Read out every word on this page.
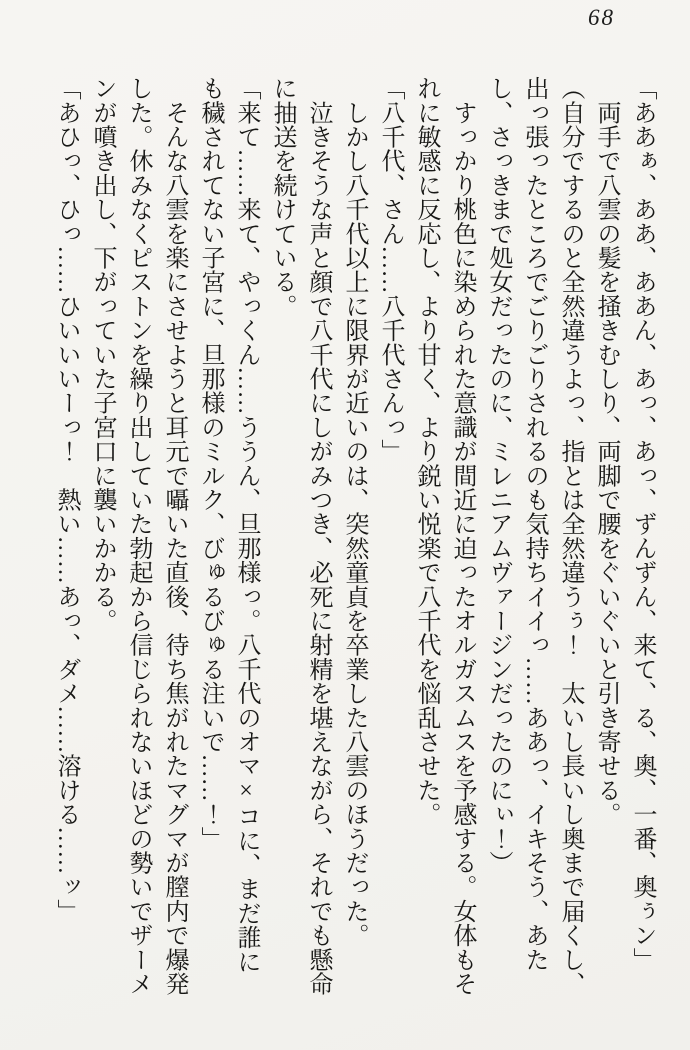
68

「ああぁ、ああ、ああん、あっ、あっ、ずんずん、来て、る、奥、一番、奥ぅン」

　両手で八雲の髪を掻きむしり、両脚で腰をぐいぐいと引き寄せる。

（自分でするのと全然違うよっ、指とは全然違うぅ！　太いし長いし奥まで届くし、出っ張ったところでごりごりされるのも気持ちイイっ……ああっ、イキそう、あたし、さっきまで処女だったのに、ミレニアムヴァージンだったのにぃ！）

　すっかり桃色に染められた意識が間近に迫ったオルガスムスを予感する。女体もそれに敏感に反応し、より甘く、より鋭い悦楽で八千代を悩乱させた。

「八千代、さん……八千代さんっ」

　しかし八千代以上に限界が近いのは、突然童貞を卒業した八雲のほうだった。

　泣きそうな声と顔で八千代にしがみつき、必死に射精を堪えながら、それでも懸命に抽送を続けている。

「来て……来て、やっくん……ううん、旦那様っ。八千代のオマ×コに、まだ誰にも穢されてない子宮に、旦那様のミルク、びゅるびゅる注いで……！」

　そんな八雲を楽にさせようと耳元で囁いた直後、待ち焦がれたマグマが膣内で爆発した。休みなくピストンを繰り出していた勃起から信じられないほどの勢いでザーメンが噴き出し、下がっていた子宮口に襲いかかる。

「あひっ、ひっ……ひいいいーっ！　熱い……あっ、ダメ……溶ける……ッ」
